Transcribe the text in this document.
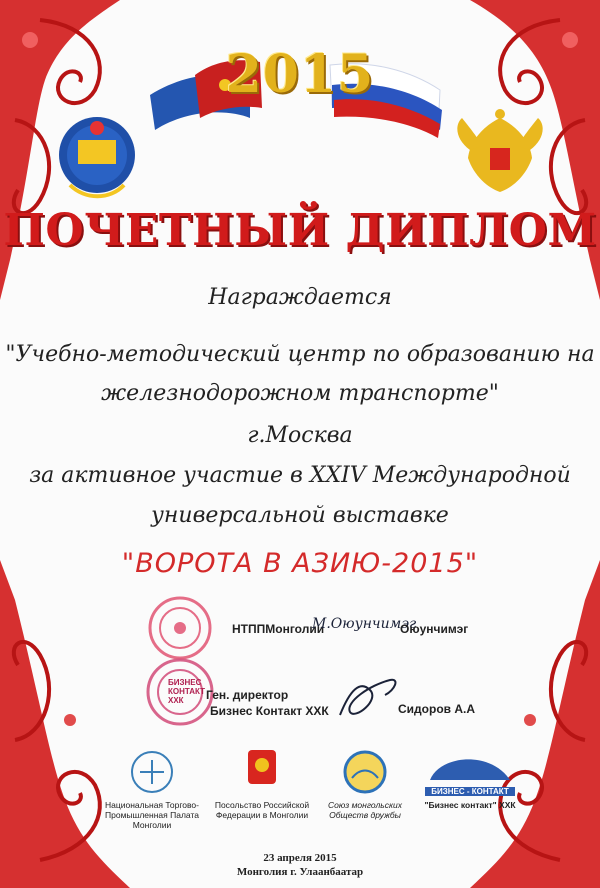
2015
ПОЧЕТНЫЙ ДИПЛОМ
Награждается
"Учебно-методический центр по образованию на
железнодорожном транспорте"
г.Москва
за активное участие в XXIV Международной
универсальной выставке
"ВОРОТА В АЗИЮ-2015"
НТППМонголии
М.Оюунчимэг
Оюунчимэг
БИЗНЕС КОНТАКТ ХХК	Ген. директор
Бизнес Контакт ХХК	Сидоров А.А
Национальная Торгово-Промышленная Палата Монголии
Посольство Российской Федерации в Монголии
Союз монгольских Обществ дружбы
БИЗНЕС - КОНТАКТ
"Бизнес контакт" ХХК
23 апреля 2015
Монголия г. Улаанбаатар
